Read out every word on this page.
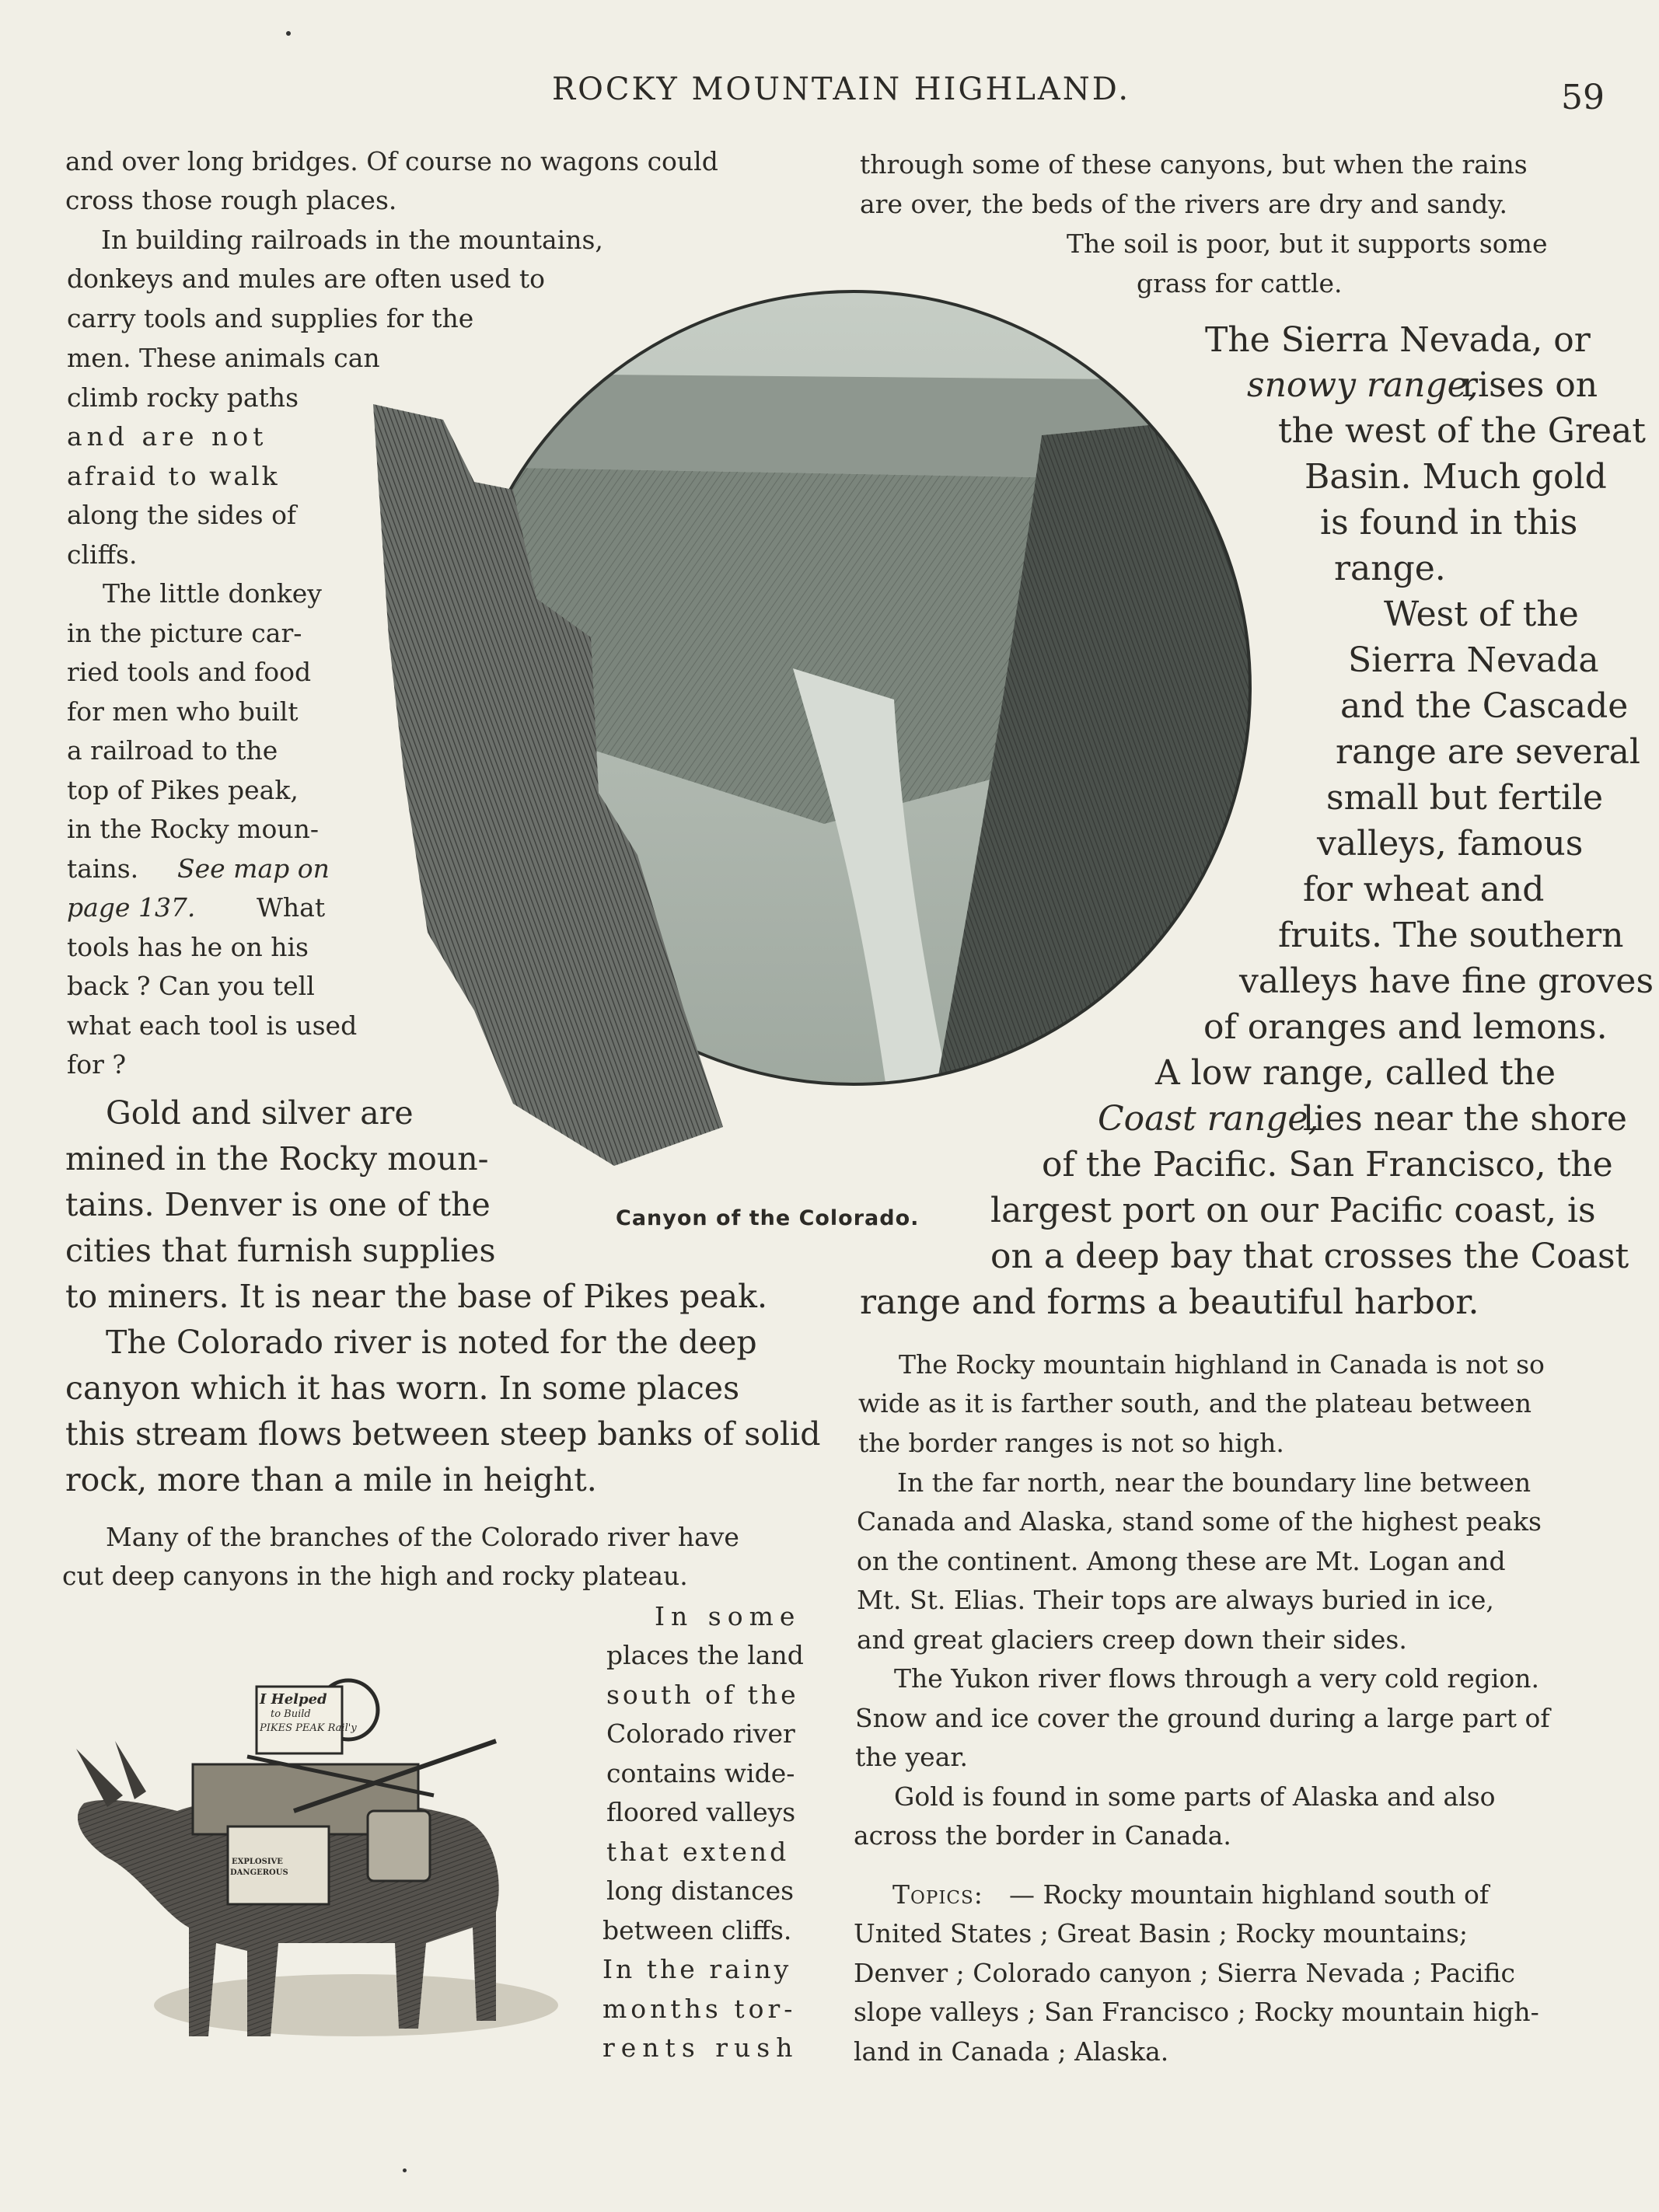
ROCKY MOUNTAIN HIGHLAND.	59
Canyon of the Colorado.
I Helped
to Build
PIKES PEAK Rail'y
EXPLOSIVE
DANGEROUS
and over long bridges. Of course no wagons could
cross those rough places.
In building railroads in the mountains,
donkeys and mules are often used to
carry tools and supplies for the
men. These animals can
climb rocky paths
and are not
afraid to walk
along the sides of
cliffs.
The little donkey
in the picture car-
ried tools and food
for men who built
a railroad to the
top of Pikes peak,
in the Rocky moun-
tains. See map on
page 137. What
tools has he on his
back ? Can you tell
what each tool is used
for ?
Gold and silver are
mined in the Rocky moun-
tains. Denver is one of the
cities that furnish supplies
to miners. It is near the base of Pikes peak.
The Colorado river is noted for the deep
canyon which it has worn. In some places
this stream flows between steep banks of solid
rock, more than a mile in height.
Many of the branches of the Colorado river have
cut deep canyons in the high and rocky plateau.
In some
places the land
south of the
Colorado river
contains wide-
floored valleys
that extend
long distances
between cliffs.
In the rainy
months tor-
rents rush
through some of these canyons, but when the rains
are over, the beds of the rivers are dry and sandy.
The soil is poor, but it supports some
grass for cattle.
The Sierra Nevada, or
snowy range,
rises on
the west of the Great
Basin. Much gold
is found in this
range.
West of the
Sierra Nevada
and the Cascade
range are several
small but fertile
valleys, famous
for wheat and
fruits. The southern
valleys have fine groves
of oranges and lemons.
A low range, called the
Coast range,
lies near the shore
of the Pacific. San Francisco, the
largest port on our Pacific coast, is
on a deep bay that crosses the Coast
range and forms a beautiful harbor.
The Rocky mountain highland in Canada is not so
wide as it is farther south, and the plateau between
the border ranges is not so high.
In the far north, near the boundary line between
Canada and Alaska, stand some of the highest peaks
on the continent. Among these are Mt. Logan and
Mt. St. Elias. Their tops are always buried in ice,
and great glaciers creep down their sides.
The Yukon river flows through a very cold region.
Snow and ice cover the ground during a large part of
the year.
Gold is found in some parts of Alaska and also
across the border in Canada.
Topics: — Rocky mountain highland south of
United States ; Great Basin ; Rocky mountains;
Denver ; Colorado canyon ; Sierra Nevada ; Pacific
slope valleys ; San Francisco ; Rocky mountain high-
land in Canada ; Alaska.
